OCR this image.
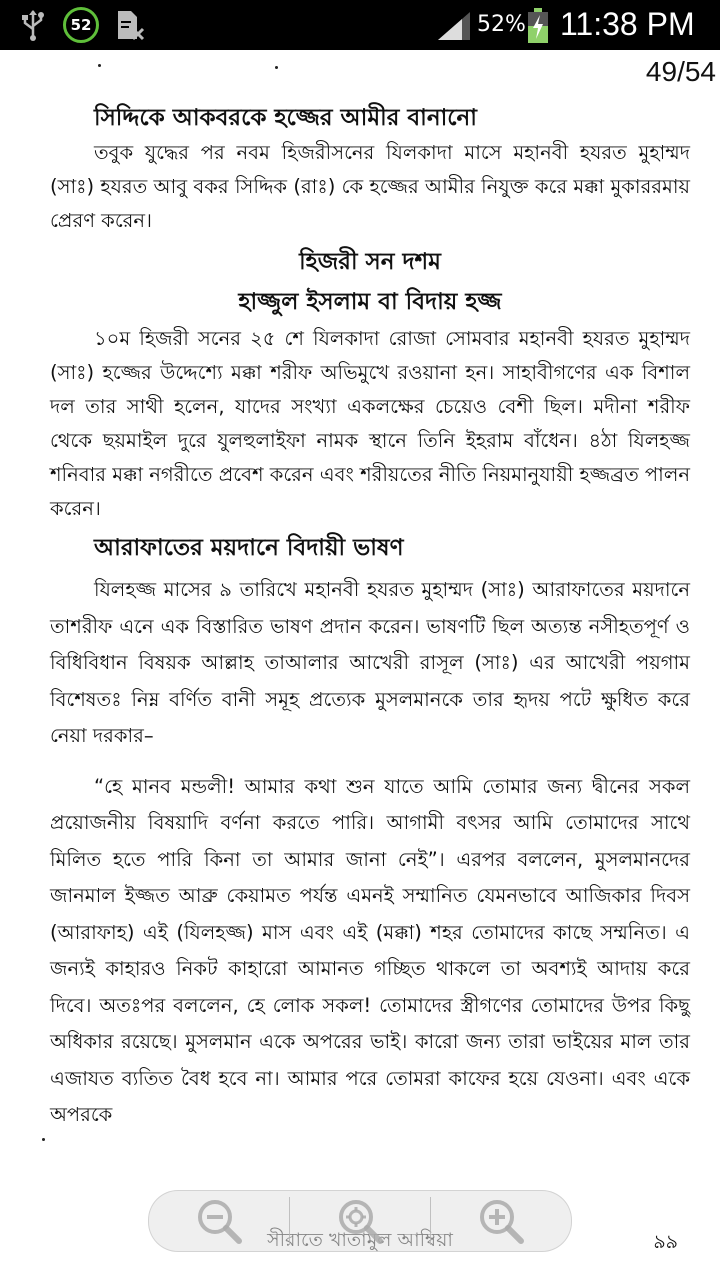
52	52% 11:38 PM
49/54

সিদ্দিকে আকবরকে হজ্জের আমীর বানানো

তবুক যুদ্ধের পর নবম হিজরীসনের যিলকাদা মাসে মহানবী হযরত মুহাম্মদ (সাঃ) হযরত আবু বকর সিদ্দিক (রাঃ) কে হজ্জের আমীর নিযুক্ত করে মক্কা মুকাররমায় প্রেরণ করেন।

হিজরী সন দশম

হাজ্জুল ইসলাম বা বিদায় হজ্জ

১০ম হিজরী সনের ২৫ শে যিলকাদা রোজা সোমবার মহানবী হযরত মুহাম্মদ (সাঃ) হজ্জের উদ্দেশ্যে মক্কা শরীফ অভিমুখে রওয়ানা হন। সাহাবীগণের এক বিশাল দল তার সাথী হলেন, যাদের সংখ্যা একলক্ষের চেয়েও বেশী ছিল। মদীনা শরীফ থেকে ছয়মাইল দুরে যুলহুলাইফা নামক স্থানে তিনি ইহরাম বাঁধেন। ৪ঠা যিলহজ্জ শনিবার মক্কা নগরীতে প্রবেশ করেন এবং শরীয়তের নীতি নিয়মানুযায়ী হজ্জব্রত পালন করেন।

আরাফাতের ময়দানে বিদায়ী ভাষণ

যিলহজ্জ মাসের ৯ তারিখে মহানবী হযরত মুহাম্মদ (সাঃ) আরাফাতের ময়দানে তাশরীফ এনে এক বিস্তারিত ভাষণ প্রদান করেন। ভাষণটি ছিল অত্যন্ত নসীহতপূর্ণ ও বিধিবিধান বিষয়ক আল্লাহ তাআলার আখেরী রাসূল (সাঃ) এর আখেরী পয়গাম বিশেষতঃ নিম্ন বর্ণিত বানী সমূহ প্রত্যেক মুসলমানকে তার হৃদয় পটে ক্ষুধিত করে নেয়া দরকার–

“হে মানব মন্ডলী! আমার কথা শুন যাতে আমি তোমার জন্য দ্বীনের সকল প্রয়োজনীয় বিষয়াদি বর্ণনা করতে পারি। আগামী বৎসর আমি তোমাদের সাথে মিলিত হতে পারি কিনা তা আমার জানা নেই”। এরপর বললেন, মুসলমানদের জানমাল ইজ্জত আব্রু কেয়ামত পর্যন্ত এমনই সম্মানিত যেমনভাবে আজিকার দিবস (আরাফাহ) এই (যিলহজ্জ) মাস এবং এই (মক্কা) শহর তোমাদের কাছে সম্মনিত। এ জন্যই কাহারও নিকট কাহারো আমানত গচ্ছিত থাকলে তা অবশ্যই আদায় করে দিবে। অতঃপর বললেন, হে লোক সকল! তোমাদের স্ত্রীগণের তোমাদের উপর কিছু অধিকার রয়েছে। মুসলমান একে অপরের ভাই। কারো জন্য তারা ভাইয়ের মাল তার এজাযত ব্যতিত বৈধ হবে না। আমার পরে তোমরা কাফের হয়ে যেওনা। এবং একে অপরকে

৯৯
